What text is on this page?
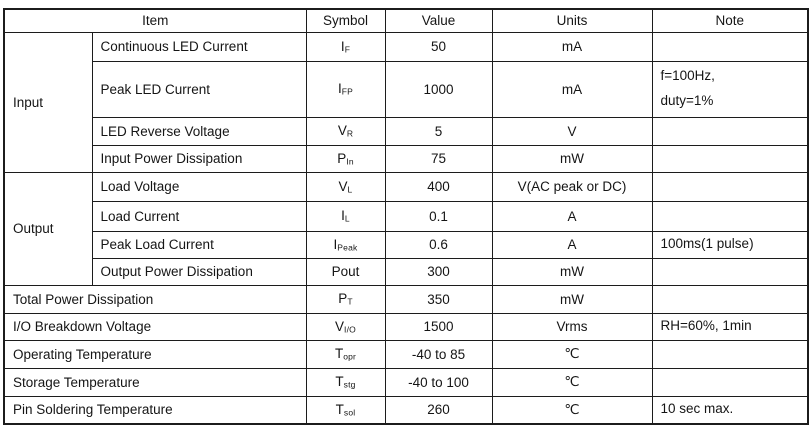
Item		Symbol	Value	Units	Note
Input	Continuous LED Current	IF	50	mA	
	Peak LED Current	IFP	1000	mA	f=100Hz,
duty=1%

	LED Reverse Voltage	VR	5	V	
	Input Power Dissipation	PIn	75	mW	
Output	Load Voltage	VL	400	V(AC peak or DC)	
	Load Current	IL	0.1	A	
	Peak Load Current	IPeak	0.6	A	100ms(1 pulse)

	Output Power Dissipation	Pout	300	mW	
Total Power Dissipation		PT	350	mW	
I/O Breakdown Voltage		VI/O	1500	Vrms	RH=60%, 1min

Operating Temperature		Topr	-40 to 85	℃	
Storage Temperature		Tstg	-40 to 100	℃	
Pin Soldering Temperature		Tsol	260	℃	10 sec max.
